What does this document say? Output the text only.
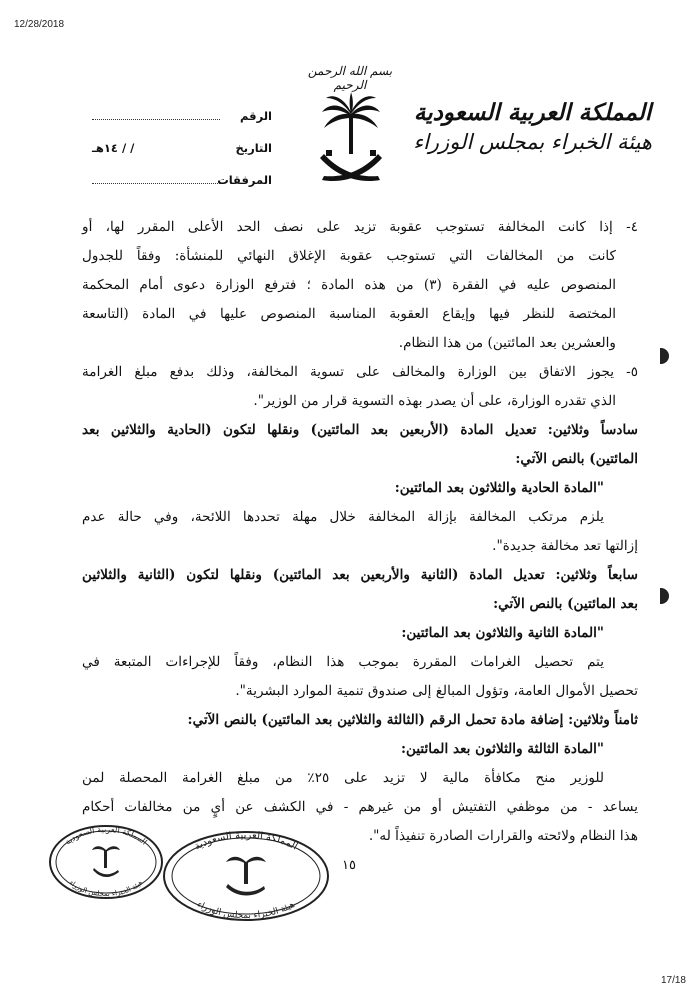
12/28/2018
17/18
بسم الله الرحمن الرحيم
المملكة العربية السعودية
هيئة الخبراء بمجلس الوزراء
الرقم
التاريخ
/ / ١٤هـ
المرفقات
٤- إذا كانت المخالفة تستوجب عقوبة تزيد على نصف الحد الأعلى المقرر لها، أو
كانت من المخالفات التي تستوجب عقوبة الإغلاق النهائي للمنشأة: وفقاً للجدول
المنصوص عليه في الفقرة (٣) من هذه المادة ؛ فترفع الوزارة دعوى أمام المحكمة
المختصة للنظر فيها وإيقاع العقوبة المناسبة المنصوص عليها في المادة (التاسعة
والعشرين بعد المائتين) من هذا النظام.
٥- يجوز الاتفاق بين الوزارة والمخالف على تسوية المخالفة، وذلك بدفع مبلغ الغرامة
الذي تقدره الوزارة، على أن يصدر بهذه التسوية قرار من الوزير".
سادساً وثلاثين: تعديل المادة (الأربعين بعد المائتين) ونقلها لتكون (الحادية والثلاثين بعد
المائتين) بالنص الآتي:
"المادة الحادية والثلاثون بعد المائتين:
يلزم مرتكب المخالفة بإزالة المخالفة خلال مهلة تحددها اللائحة، وفي حالة عدم
إزالتها تعد مخالفة جديدة".
سابعاً وثلاثين: تعديل المادة (الثانية والأربعين بعد المائتين) ونقلها لتكون (الثانية والثلاثين
بعد المائتين) بالنص الآتي:
"المادة الثانية والثلاثون بعد المائتين:
يتم تحصيل الغرامات المقررة بموجب هذا النظام، وفقاً للإجراءات المتبعة في
تحصيل الأموال العامة، وتؤول المبالغ إلى صندوق تنمية الموارد البشرية".
ثامناً وثلاثين: إضافة مادة تحمل الرقم (الثالثة والثلاثين بعد المائتين) بالنص الآتي:
"المادة الثالثة والثلاثون بعد المائتين:
للوزير منح مكافأة مالية لا تزيد على ٢٥٪ من مبلغ الغرامة المحصلة لمن
يساعد - من موظفي التفتيش أو من غيرهم - في الكشف عن أيٍ من مخالفات أحكام
هذا النظام ولائحته والقرارات الصادرة تنفيذاً له".
١٥
المملكة العربية السعودية
هيئة الخبراء بمجلس الوزراء
المملكة العربية السعودية
هيئة الخبراء بمجلس الوزراء
